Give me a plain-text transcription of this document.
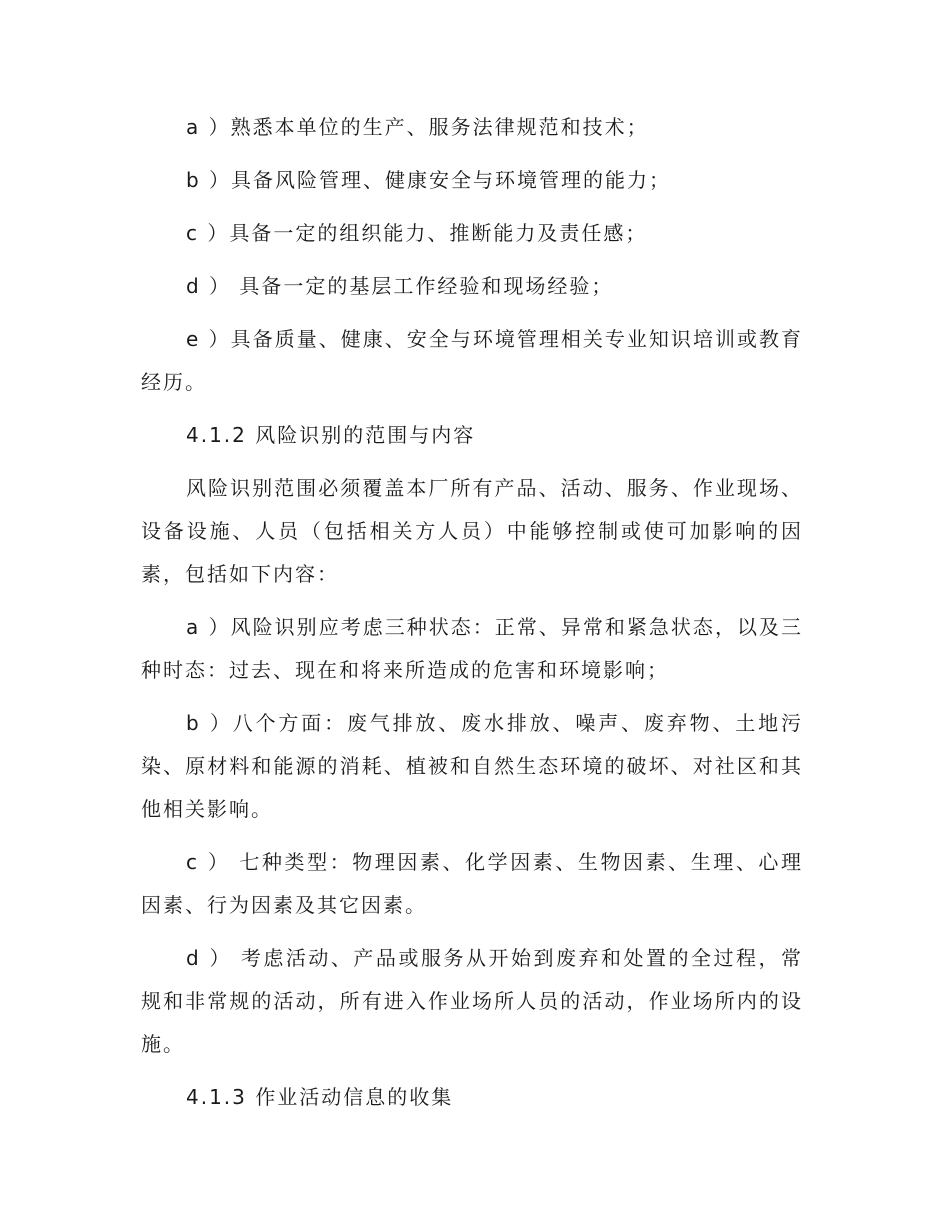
a ）熟悉本单位的生产、服务法律规范和技术；

b ）具备风险管理、健康安全与环境管理的能力；

c ）具备一定的组织能力、推断能力及责任感；

d ） 具备一定的基层工作经验和现场经验；

e ）具备质量、健康、安全与环境管理相关专业知识培训或教育经历。

4.1.2 风险识别的范围与内容

风险识别范围必须覆盖本厂所有产品、活动、服务、作业现场、设备设施、人员（包括相关方人员）中能够控制或使可加影响的因素，包括如下内容：

a ）风险识别应考虑三种状态：正常、异常和紧急状态，以及三种时态：过去、现在和将来所造成的危害和环境影响；

b ）八个方面：废气排放、废水排放、噪声、废弃物、土地污染、原材料和能源的消耗、植被和自然生态环境的破坏、对社区和其他相关影响。

c ） 七种类型：物理因素、化学因素、生物因素、生理、心理因素、行为因素及其它因素。

d ） 考虑活动、产品或服务从开始到废弃和处置的全过程，常规和非常规的活动，所有进入作业场所人员的活动，作业场所内的设施。

4.1.3 作业活动信息的收集
